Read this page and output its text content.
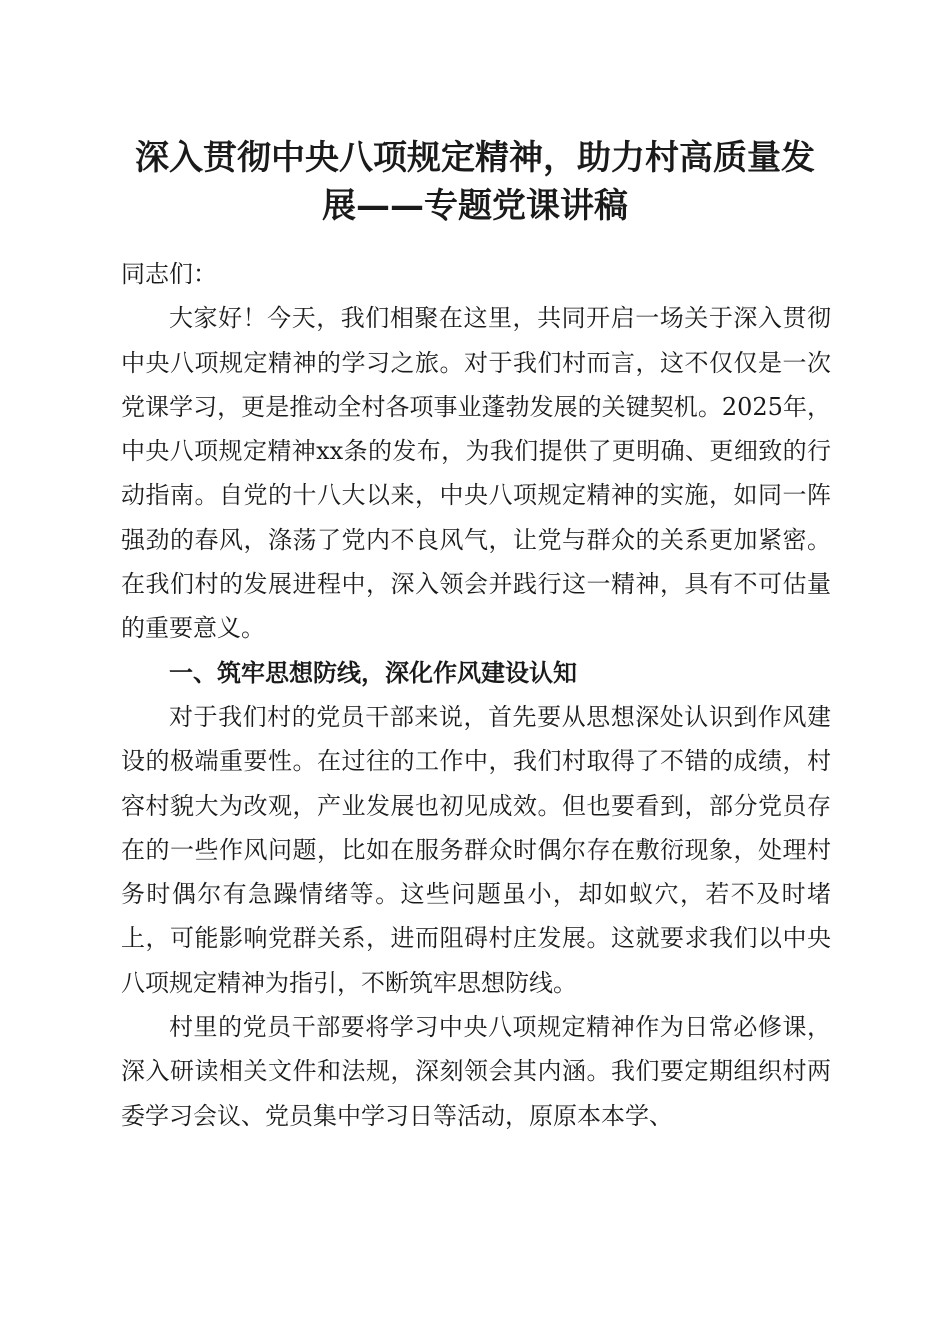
深入贯彻中央八项规定精神，助力村高质量发
展——专题党课讲稿

同志们：

大家好！今天，我们相聚在这里，共同开启一场关于深入贯彻中央八项规定精神的学习之旅。对于我们村而言，这不仅仅是一次党课学习，更是推动全村各项事业蓬勃发展的关键契机。2025年，中央八项规定精神xx条的发布，为我们提供了更明确、更细致的行动指南。自党的十八大以来，中央八项规定精神的实施，如同一阵强劲的春风，涤荡了党内不良风气，让党与群众的关系更加紧密。在我们村的发展进程中，深入领会并践行这一精神，具有不可估量的重要意义。

一、筑牢思想防线，深化作风建设认知

对于我们村的党员干部来说，首先要从思想深处认识到作风建设的极端重要性。在过往的工作中，我们村取得了不错的成绩，村容村貌大为改观，产业发展也初见成效。但也要看到，部分党员存在的一些作风问题，比如在服务群众时偶尔存在敷衍现象，处理村务时偶尔有急躁情绪等。这些问题虽小，却如蚁穴，若不及时堵上，可能影响党群关系，进而阻碍村庄发展。这就要求我们以中央八项规定精神为指引，不断筑牢思想防线。

村里的党员干部要将学习中央八项规定精神作为日常必修课，深入研读相关文件和法规，深刻领会其内涵。我们要定期组织村两委学习会议、党员集中学习日等活动，原原本本学、
